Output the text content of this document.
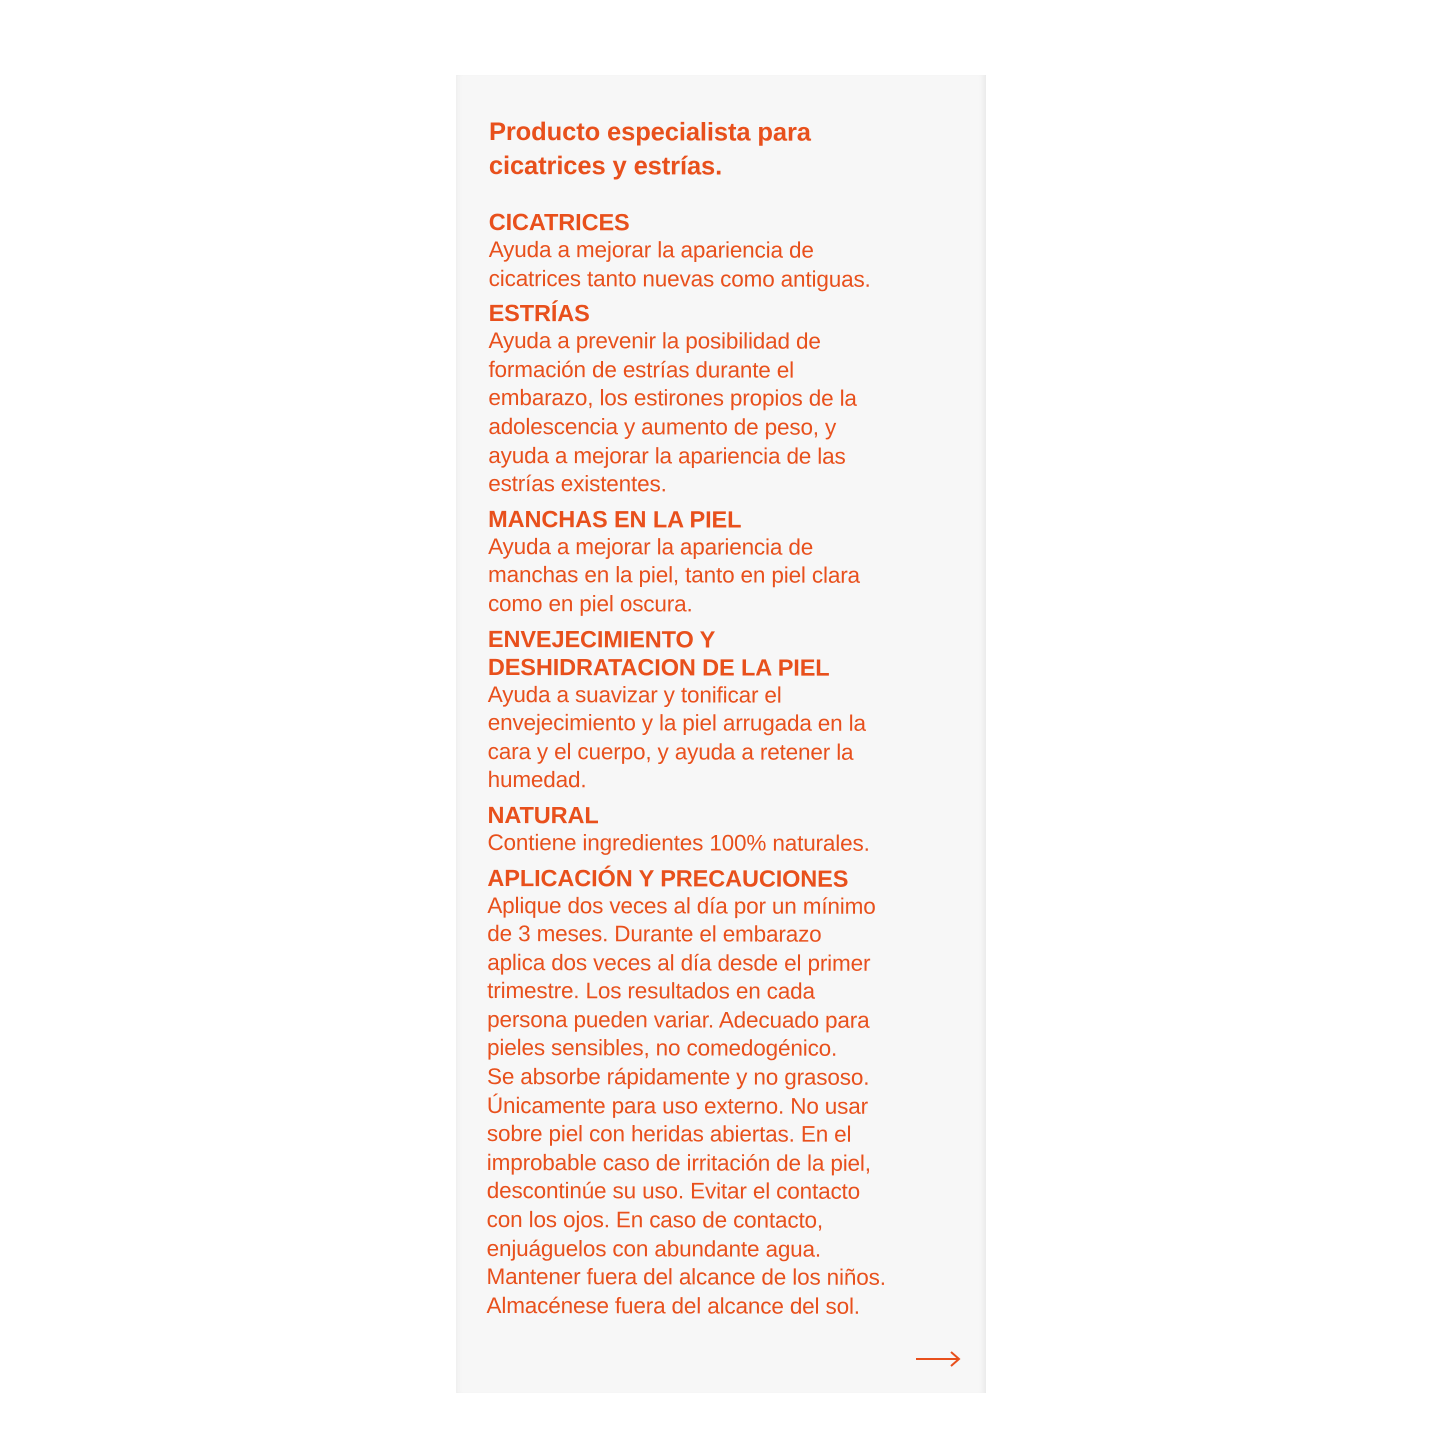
Producto especialista para
cicatrices y estrías.

CICATRICES

Ayuda a mejorar la apariencia de
cicatrices tanto nuevas como antiguas.

ESTRÍAS

Ayuda a prevenir la posibilidad de
formación de estrías durante el
embarazo, los estirones propios de la
adolescencia y aumento de peso, y
ayuda a mejorar la apariencia de las
estrías existentes.

MANCHAS EN LA PIEL

Ayuda a mejorar la apariencia de
manchas en la piel, tanto en piel clara
como en piel oscura.

ENVEJECIMIENTO Y
DESHIDRATACION DE LA PIEL

Ayuda a suavizar y tonificar el
envejecimiento y la piel arrugada en la
cara y el cuerpo, y ayuda a retener la
humedad.

NATURAL

Contiene ingredientes 100% naturales.

APLICACIÓN Y PRECAUCIONES

Aplique dos veces al día por un mínimo
de 3 meses. Durante el embarazo
aplica dos veces al día desde el primer
trimestre. Los resultados en cada
persona pueden variar. Adecuado para
pieles sensibles, no comedogénico.
Se absorbe rápidamente y no grasoso.
Únicamente para uso externo. No usar
sobre piel con heridas abiertas. En el
improbable caso de irritación de la piel,
descontinúe su uso. Evitar el contacto
con los ojos. En caso de contacto,
enjuáguelos con abundante agua.
Mantener fuera del alcance de los niños.
Almacénese fuera del alcance del sol.
